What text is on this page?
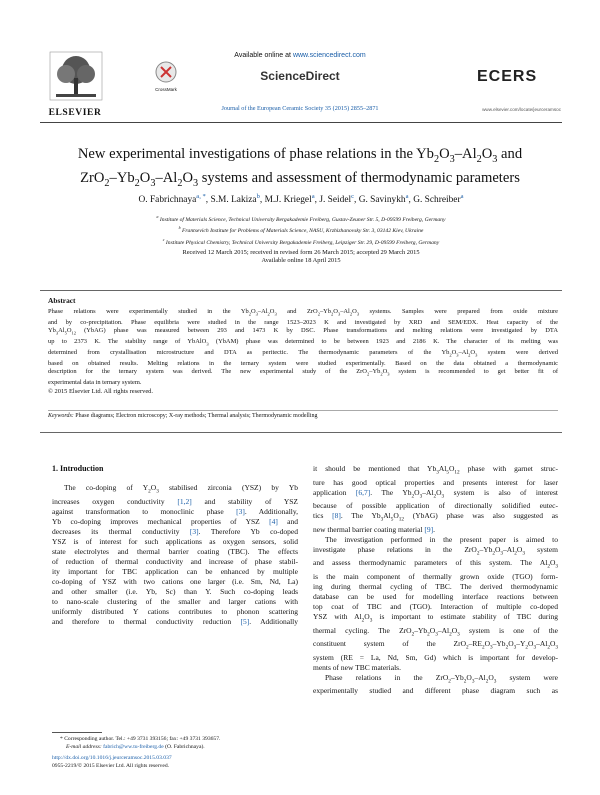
ELSEVIER
Available online at www.sciencedirect.com
CrossMark
ScienceDirect
Journal of the European Ceramic Society 35 (2015) 2855–2871
ECERS
www.elsevier.com/locate/jeurceramsoc
New experimental investigations of phase relations in the $Yb_2O_3-Al_2O_3$ and
$ZrO_2-Yb_2O_3-Al_2O_3$ systems and assessment of thermodynamic parameters
O. Fabrichnaya$^{a, *}$, S.M. Lakiza$^b$, M.J. Kriegel$^a$, J. Seidel$^c$, G. Savinykh$^a$, G. Schreiber$^a$
$^a$ Institute of Materials Science, Technical University Bergakademie Freiberg, Gustav-Zeuner Str. 5, D-09599 Freiberg, Germany
$^b$ Frantsevich Institute for Problems of Materials Science, NASU, Krzhizhanovsky Str. 3, 03142 Kiev, Ukraine
$^c$ Institute Physical Chemistry, Technical University Bergakademie Freiberg, Leipziger Str. 29, D-09599 Freiberg, Germany
Received 12 March 2015; received in revised form 26 March 2015; accepted 29 March 2015
Available online 18 April 2015
Abstract
Phase relations were experimentally studied in the $Yb_2O_3-Al_2O_3$ and $ZrO_2-Yb_2O_3-Al_2O_3$ systems. Samples were prepared from oxide mixture
and by co-precipitation. Phase equilibria were studied in the range 1523–2023 K and investigated by XRD and SEM/EDX. Heat capacity of the
$Yb_3Al_5O_{12}$ (YbAG) phase was measured between 293 and 1473 K by DSC. Phase transformations and melting relations were investigated by DTA
up to 2373 K. The stability range of YbAlO$_3$ (YbAM) phase was determined to be between 1923 and 2186 K. The character of its melting was
determined from crystallisation microstructure and DTA as peritectic. The thermodynamic parameters of the $Yb_2O_3-Al_2O_3$ system were derived
based on obtained results. Melting relations in the ternary system were studied experimentally. Based on the data obtained a thermodynamic
description for the ternary system was derived. The new experimental study of the $ZrO_2-Yb_2O_3$ system is recommended to get better fit of
experimental data in ternary system.
© 2015 Elsevier Ltd. All rights reserved.
Keywords: Phase diagrams; Electron microscopy; X-ray methods; Thermal analysis; Thermodynamic modelling
1. Introduction
The co-doping of $Y_2O_3$ stabilised zirconia (YSZ) by Yb
increases oxygen conductivity [1,2] and stability of YSZ
against transformation to monoclinic phase [3]. Additionally,
Yb co-doping improves mechanical properties of YSZ [4] and
decreases its thermal conductivity [3]. Therefore Yb co-doped
YSZ is of interest for such applications as oxygen sensors, solid
state electrolytes and thermal barrier coating (TBC). The effects
of reduction of thermal conductivity and increase of phase stabil-
ity important for TBC application can be enhanced by multiple
co-doping of YSZ with two cations one larger (i.e. Sm, Nd, La)
and other smaller (i.e. Yb, Sc) than Y. Such co-doping leads
to nano-scale clustering of the smaller and larger cations with
uniformly distributed Y cations contributes to phonon scattering
and therefore to thermal conductivity reduction [5]. Additionally
* Corresponding author. Tel.: +49 3731 393156; fax: +49 3731 393657.
E-mail address: fabrich@ww.tu-freiberg.de (O. Fabrichnaya).
http://dx.doi.org/10.1016/j.jeurceramsoc.2015.03.037
0955-2219/© 2015 Elsevier Ltd. All rights reserved.
it should be mentioned that $Yb_3Al_5O_{12}$ phase with garnet struc-
ture has good optical properties and presents interest for laser
application [6,7]. The $Yb_2O_3-Al_2O_3$ system is also of interest
because of possible application of directionally solidified eutec-
tics [8]. The $Yb_3Al_5O_{12}$ (YbAG) phase was also suggested as
new thermal barrier coating material [9].
The investigation performed in the present paper is aimed to
investigate phase relations in the $ZrO_2-Yb_2O_3-Al_2O_3$ system
and assess thermodynamic parameters of this system. The $Al_2O_3$
is the main component of thermally grown oxide (TGO) form-
ing during thermal cycling of TBC. The derived thermodynamic
database can be used for modelling interface reactions between
top coat of TBC and (TGO). Interaction of multiple co-doped
YSZ with $Al_2O_3$ is important to estimate stability of TBC during
thermal cycling. The $ZrO_2-Yb_2O_3-Al_2O_3$ system is one of the
constituent system of the $ZrO_2-RE_2O_3-Yb_2O_3-Y_2O_3-Al_2O_3$
system (RE = La, Nd, Sm, Gd) which is important for develop-
ments of new TBC materials.
Phase relations in the $ZrO_2-Yb_2O_3-Al_2O_3$ system were
experimentally studied and different phase diagram such as
